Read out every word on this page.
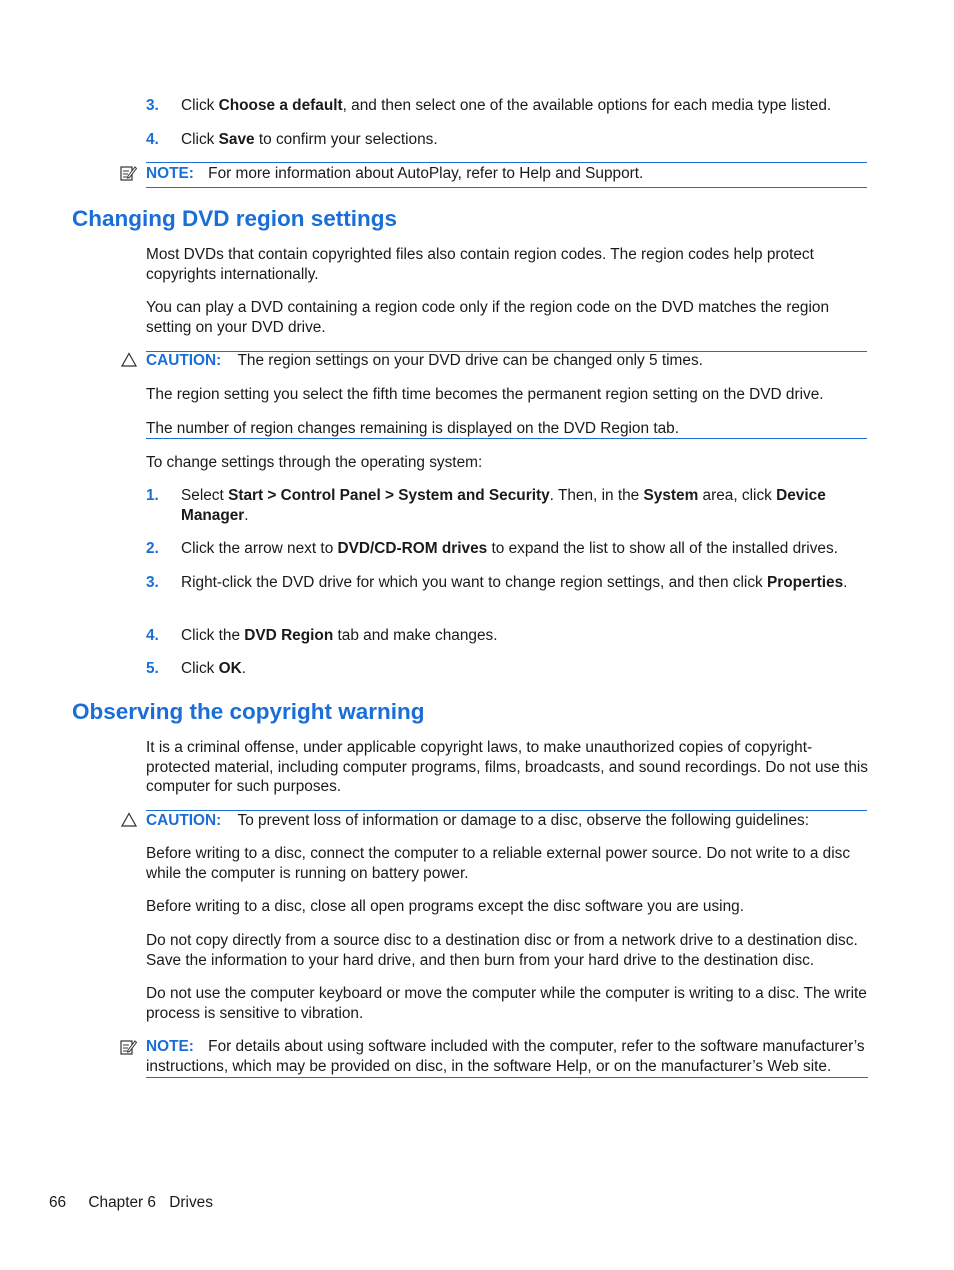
3. Click Choose a default, and then select one of the available options for each media type listed.
4. Click Save to confirm your selections.
NOTE: For more information about AutoPlay, refer to Help and Support.
Changing DVD region settings

Most DVDs that contain copyrighted files also contain region codes. The region codes help protect copyrights internationally.

You can play a DVD containing a region code only if the region code on the DVD matches the region setting on your DVD drive.

CAUTION: The region settings on your DVD drive can be changed only 5 times.

The region setting you select the fifth time becomes the permanent region setting on the DVD drive.

The number of region changes remaining is displayed on the DVD Region tab.

To change settings through the operating system:

1. Select Start > Control Panel > System and Security. Then, in the System area, click Device Manager.
2. Click the arrow next to DVD/CD-ROM drives to expand the list to show all of the installed drives.
3. Right-click the DVD drive for which you want to change region settings, and then click Properties.
4. Click the DVD Region tab and make changes.
5. Click OK.
Observing the copyright warning

It is a criminal offense, under applicable copyright laws, to make unauthorized copies of copyright-protected material, including computer programs, films, broadcasts, and sound recordings. Do not use this computer for such purposes.

CAUTION: To prevent loss of information or damage to a disc, observe the following guidelines:

Before writing to a disc, connect the computer to a reliable external power source. Do not write to a disc while the computer is running on battery power.

Before writing to a disc, close all open programs except the disc software you are using.

Do not copy directly from a source disc to a destination disc or from a network drive to a destination disc. Save the information to your hard drive, and then burn from your hard drive to the destination disc.

Do not use the computer keyboard or move the computer while the computer is writing to a disc. The write process is sensitive to vibration.

NOTE: For details about using software included with the computer, refer to the software manufacturer’s instructions, which may be provided on disc, in the software Help, or on the manufacturer’s Web site.
66 Chapter 6 Drives
